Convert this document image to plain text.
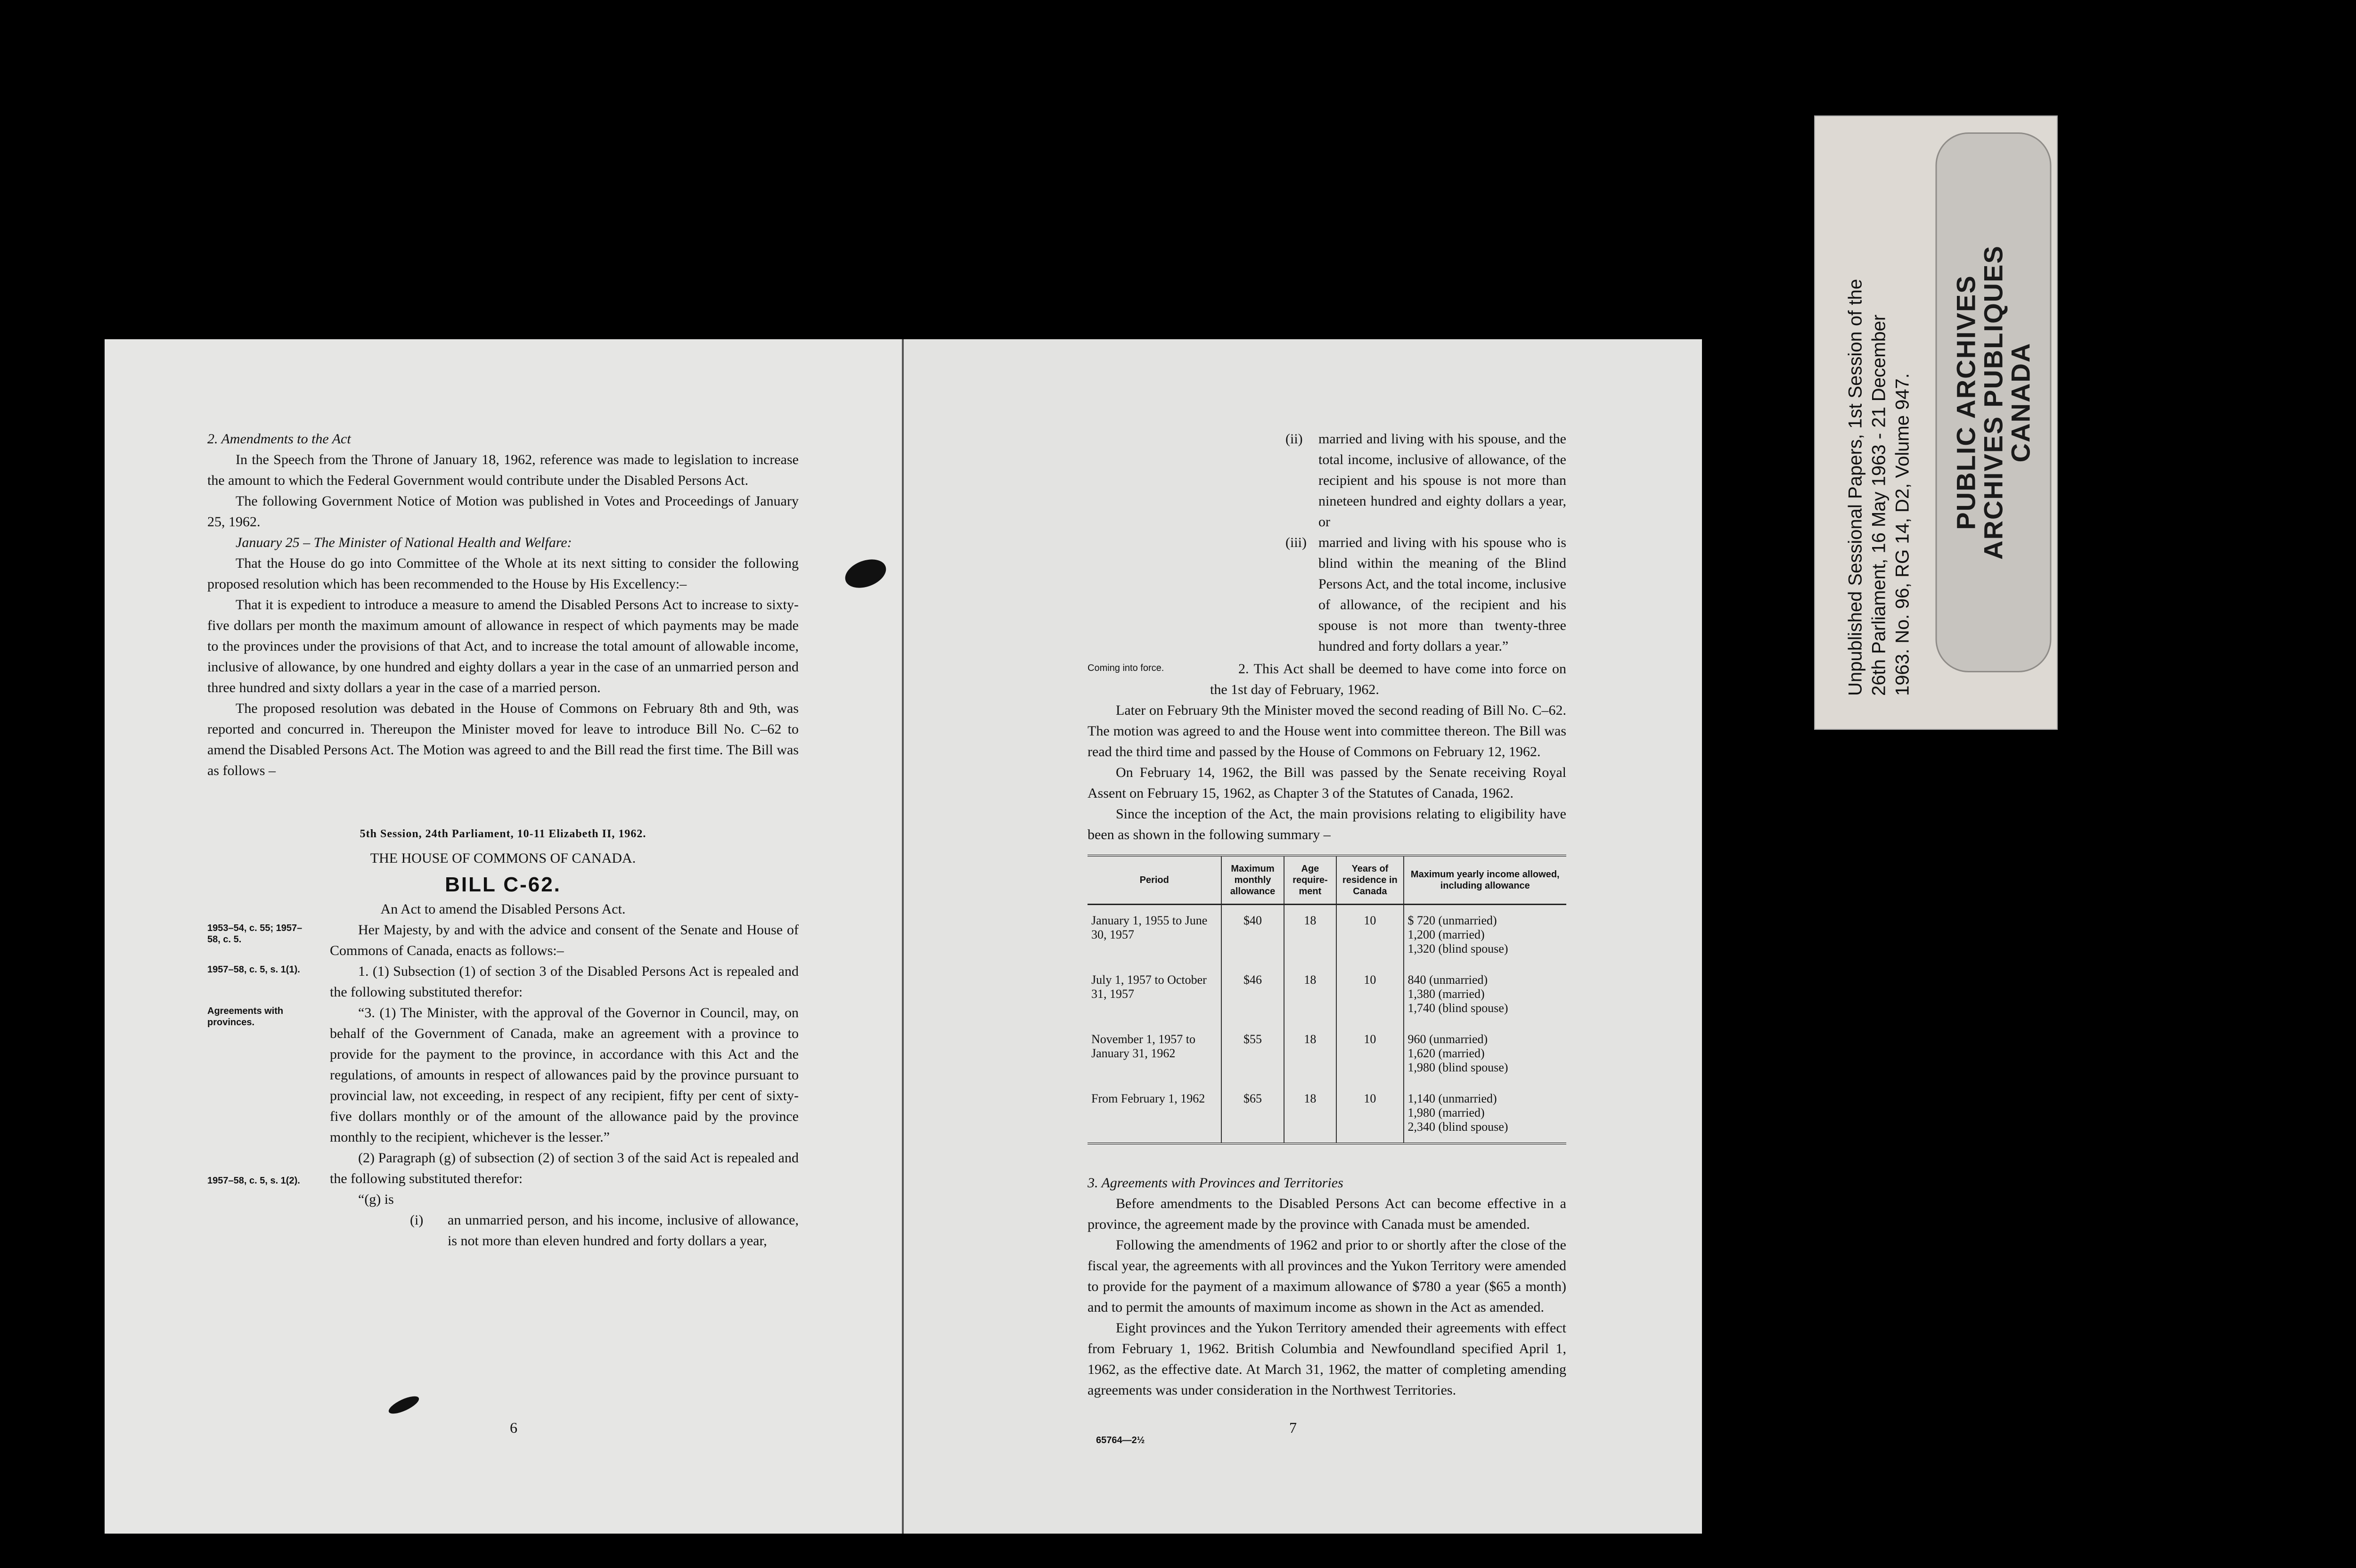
2. Amendments to the Act

In the Speech from the Throne of January 18, 1962, reference was made to legislation to increase the amount to which the Federal Government would contribute under the Disabled Persons Act.

The following Government Notice of Motion was published in Votes and Proceedings of January 25, 1962.

January 25 – The Minister of National Health and Welfare:

That the House do go into Committee of the Whole at its next sitting to consider the following proposed resolution which has been recommended to the House by His Excellency:–

That it is expedient to introduce a measure to amend the Disabled Persons Act to increase to sixty-five dollars per month the maximum amount of allowance in respect of which payments may be made to the provinces under the provisions of that Act, and to increase the total amount of allowable income, inclusive of allowance, by one hundred and eighty dollars a year in the case of an unmarried person and three hundred and sixty dollars a year in the case of a married person.

The proposed resolution was debated in the House of Commons on February 8th and 9th, was reported and concurred in. Thereupon the Minister moved for leave to introduce Bill No. C–62 to amend the Disabled Persons Act. The Motion was agreed to and the Bill read the first time. The Bill was as follows –

5th Session, 24th Parliament, 10-11 Elizabeth II, 1962.

THE HOUSE OF COMMONS OF CANADA.

BILL C-62.

An Act to amend the Disabled Persons Act.

1953–54, c. 55; 1957–58, c. 5.

Her Majesty, by and with the advice and consent of the Senate and House of Commons of Canada, enacts as follows:–

1957–58, c. 5, s. 1(1).	1. (1) Subsection (1) of section 3 of the Disabled Persons Act is repealed and the following substituted therefor:

Agreements with provinces.

“3. (1) The Minister, with the approval of the Governor in Council, may, on behalf of the Government of Canada, make an agreement with a province to provide for the payment to the province, in accordance with this Act and the regulations, of amounts in respect of allowances paid by the province pursuant to provincial law, not exceeding, in respect of any recipient, fifty per cent of sixty-five dollars monthly or of the amount of the allowance paid by the province monthly to the recipient, whichever is the lesser.”

1957–58, c. 5, s. 1(2).

(2) Paragraph (g) of subsection (2) of section 3 of the said Act is repealed and the following substituted therefor:

“(g) is

(i) an unmarried person, and his income, inclusive of allowance, is not more than eleven hundred and forty dollars a year,
6
(ii) married and living with his spouse, and the total income, inclusive of allowance, of the recipient and his spouse is not more than nineteen hundred and eighty dollars a year, or
(iii) married and living with his spouse who is blind within the meaning of the Blind Persons Act, and the total income, inclusive of allowance, of the recipient and his spouse is not more than twenty-three hundred and forty dollars a year.”
Coming into force.	2. This Act shall be deemed to have come into force on the 1st day of February, 1962.

Later on February 9th the Minister moved the second reading of Bill No. C–62. The motion was agreed to and the House went into committee thereon. The Bill was read the third time and passed by the House of Commons on February 12, 1962.

On February 14, 1962, the Bill was passed by the Senate receiving Royal Assent on February 15, 1962, as Chapter 3 of the Statutes of Canada, 1962.

Since the inception of the Act, the main provisions relating to eligibility have been as shown in the following summary –

Period	Maximum monthly allowance	Age require-ment	Years of residence in Canada	Maximum yearly income allowed, including allowance
January 1, 1955 to June 30, 1957	$40	18	10	$ 720 (unmarried)
1,200 (married)
1,320 (blind spouse)

July 1, 1957 to October 31, 1957	$46	18	10	840 (unmarried)
1,380 (married)
1,740 (blind spouse)

November 1, 1957 to January 31, 1962	$55	18	10	960 (unmarried)
1,620 (married)
1,980 (blind spouse)

From February 1, 1962	$65	18	10	1,140 (unmarried)
1,980 (married)
2,340 (blind spouse)

3. Agreements with Provinces and Territories

Before amendments to the Disabled Persons Act can become effective in a province, the agreement made by the province with Canada must be amended.

Following the amendments of 1962 and prior to or shortly after the close of the fiscal year, the agreements with all provinces and the Yukon Territory were amended to provide for the payment of a maximum allowance of $780 a year ($65 a month) and to permit the amounts of maximum income as shown in the Act as amended.

Eight provinces and the Yukon Territory amended their agreements with effect from February 1, 1962. British Columbia and Newfoundland specified April 1, 1962, as the effective date. At March 31, 1962, the matter of completing amending agreements was under consideration in the Northwest Territories.

7
65764—2½
Unpublished Sessional Papers, 1st Session of the 26th Parliament, 16 May 1963 - 21 December 1963. No. 96, RG 14, D2, Volume 947. PUBLIC ARCHIVES
ARCHIVES PUBLIQUES
CANADA
